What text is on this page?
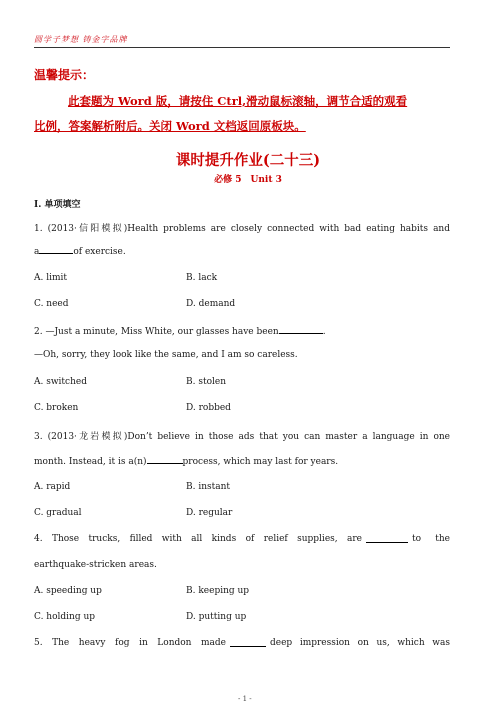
圆学子梦想 铸金字品牌
温馨提示：
此套题为 Word 版，请按住 Ctrl,滑动鼠标滚轴，调节合适的观看
比例，答案解析附后。关闭 Word 文档返回原板块。
课时提升作业(二十三)
必修 5　Unit 3
Ⅰ. 单项填空
1. (2013·信阳模拟)Health problems are closely connected with bad eating habits and
a	of exercise.
A. limit	B. lack
C. need	D. demand
2. —Just a minute, Miss White, our glasses have been	.
—Oh, sorry, they look like the same, and I am so careless.
A. switched	B. stolen
C. broken	D. robbed
3. (2013·龙岩模拟)Don’t believe in those ads that you can master a language in one
month. Instead, it is a(n)	process, which may last for years.
A. rapid	B. instant
C. gradual	D. regular
4. Those trucks, filled with all kinds of relief supplies, are	to the
earthquake-stricken areas.
A. speeding up	B. keeping up
C. holding up	D. putting up
5. The heavy fog in London made	deep impression on us, which was
- 1 -
